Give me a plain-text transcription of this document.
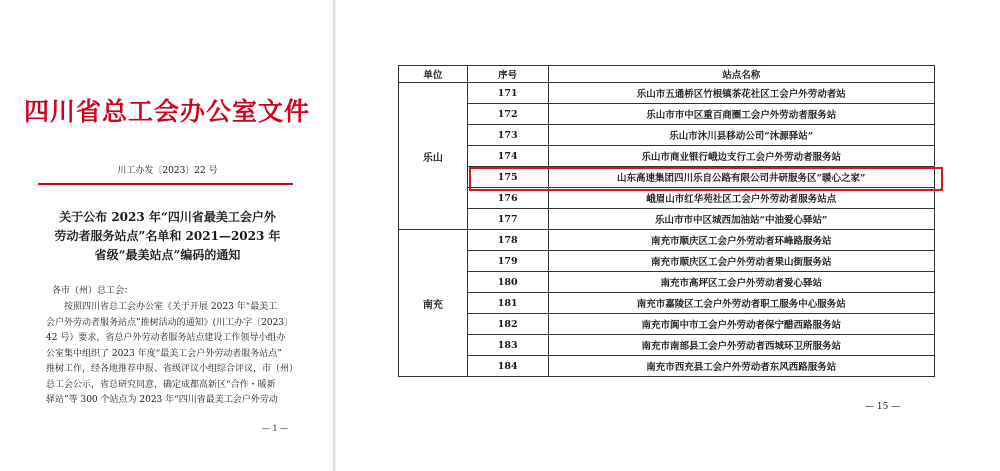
四川省总工会办公室文件
川工办发〔2023〕22 号
关于公布 2023 年“四川省最美工会户外
劳动者服务站点”名单和 2021—2023 年
省级“最美站点”编码的通知
各市（州）总工会：
按照四川省总工会办公室《关于开展 2023 年“最美工
会户外劳动者服务站点”推树活动的通知》(川工办字〔2023〕
42 号）要求，省总户外劳动者服务站点建设工作领导小组办
公室集中组织了 2023 年度“最美工会户外劳动者服务站点”
推树工作，经各地推荐申报、省级评议小组综合评议，市（州）
总工会公示，省总研究同意，确定成都高新区“合作・暖新
驿站”等 300 个站点为 2023 年“四川省最美工会户外劳动
— 1 —
单位	序号	站点名称
乐山	171	乐山市五通桥区竹根镇茶花社区工会户外劳动者站
	172	乐山市市中区重百商圈工会户外劳动者服务站
	173	乐山市沐川县移动公司“沐源驿站”
	174	乐山市商业银行峨边支行工会户外劳动者服务站
	175	山东高速集团四川乐自公路有限公司井研服务区“暖心之家”
	176	峨眉山市红华苑社区工会户外劳动者服务站点
	177	乐山市市中区城西加油站“中油爱心驿站”
南充	178	南充市顺庆区工会户外劳动者环峰路服务站
	179	南充市顺庆区工会户外劳动者果山街服务站
	180	南充市高坪区工会户外劳动者爱心驿站
	181	南充市嘉陵区工会户外劳动者职工服务中心服务站
	182	南充市阆中市工会户外劳动者保宁醋西路服务站
	183	南充市南部县工会户外劳动者西城环卫所服务站
	184	南充市西充县工会户外劳动者东风西路服务站
— 15 —
